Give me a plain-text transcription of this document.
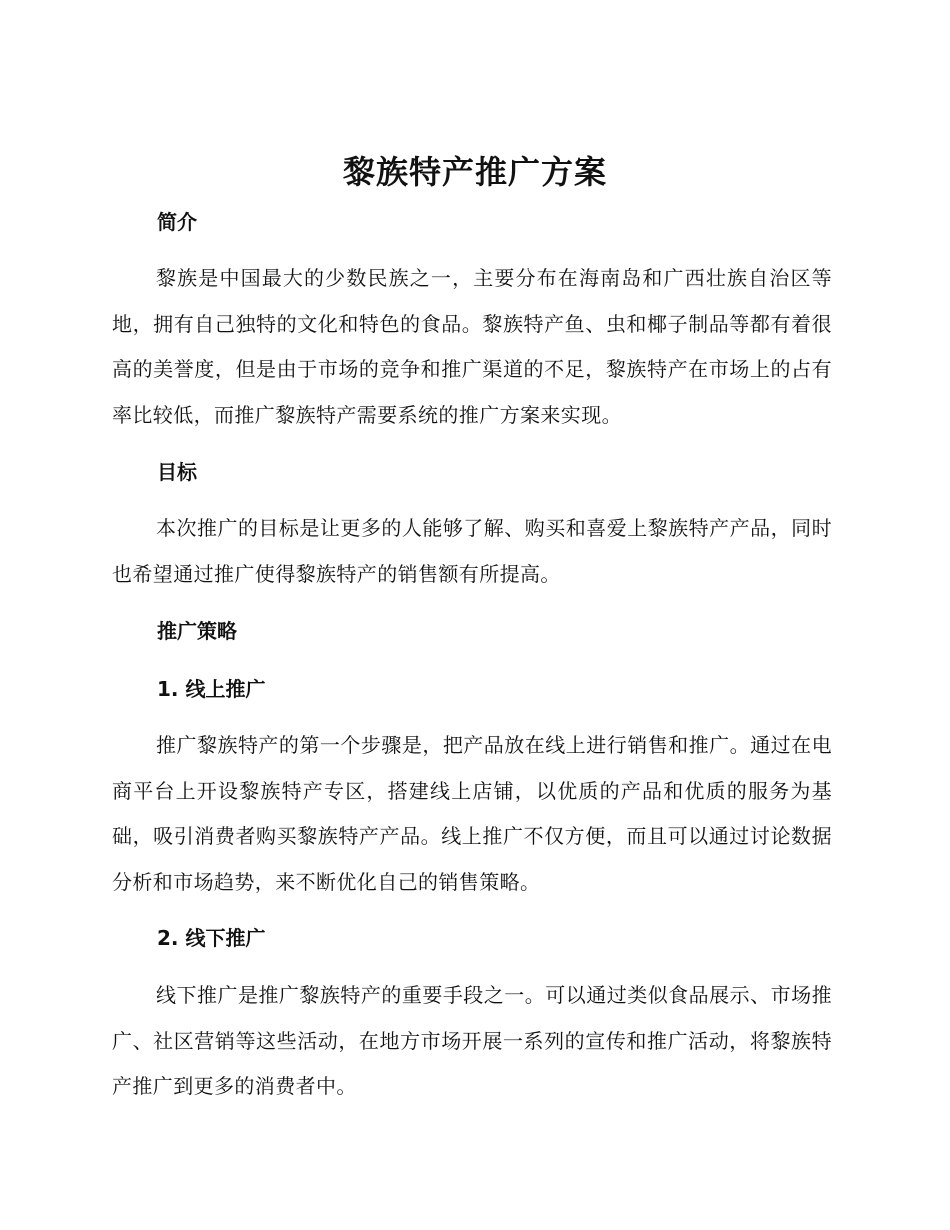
黎族特产推广方案
简介
黎族是中国最大的少数民族之一，主要分布在海南岛和广西壮族自治区等地，拥有自己独特的文化和特色的食品。黎族特产鱼、虫和椰子制品等都有着很高的美誉度，但是由于市场的竞争和推广渠道的不足，黎族特产在市场上的占有率比较低，而推广黎族特产需要系统的推广方案来实现。
目标
本次推广的目标是让更多的人能够了解、购买和喜爱上黎族特产产品，同时也希望通过推广使得黎族特产的销售额有所提高。
推广策略
1. 线上推广
推广黎族特产的第一个步骤是，把产品放在线上进行销售和推广。通过在电商平台上开设黎族特产专区，搭建线上店铺，以优质的产品和优质的服务为基础，吸引消费者购买黎族特产产品。线上推广不仅方便，而且可以通过讨论数据分析和市场趋势，来不断优化自己的销售策略。
2. 线下推广
线下推广是推广黎族特产的重要手段之一。可以通过类似食品展示、市场推广、社区营销等这些活动，在地方市场开展一系列的宣传和推广活动，将黎族特产推广到更多的消费者中。
